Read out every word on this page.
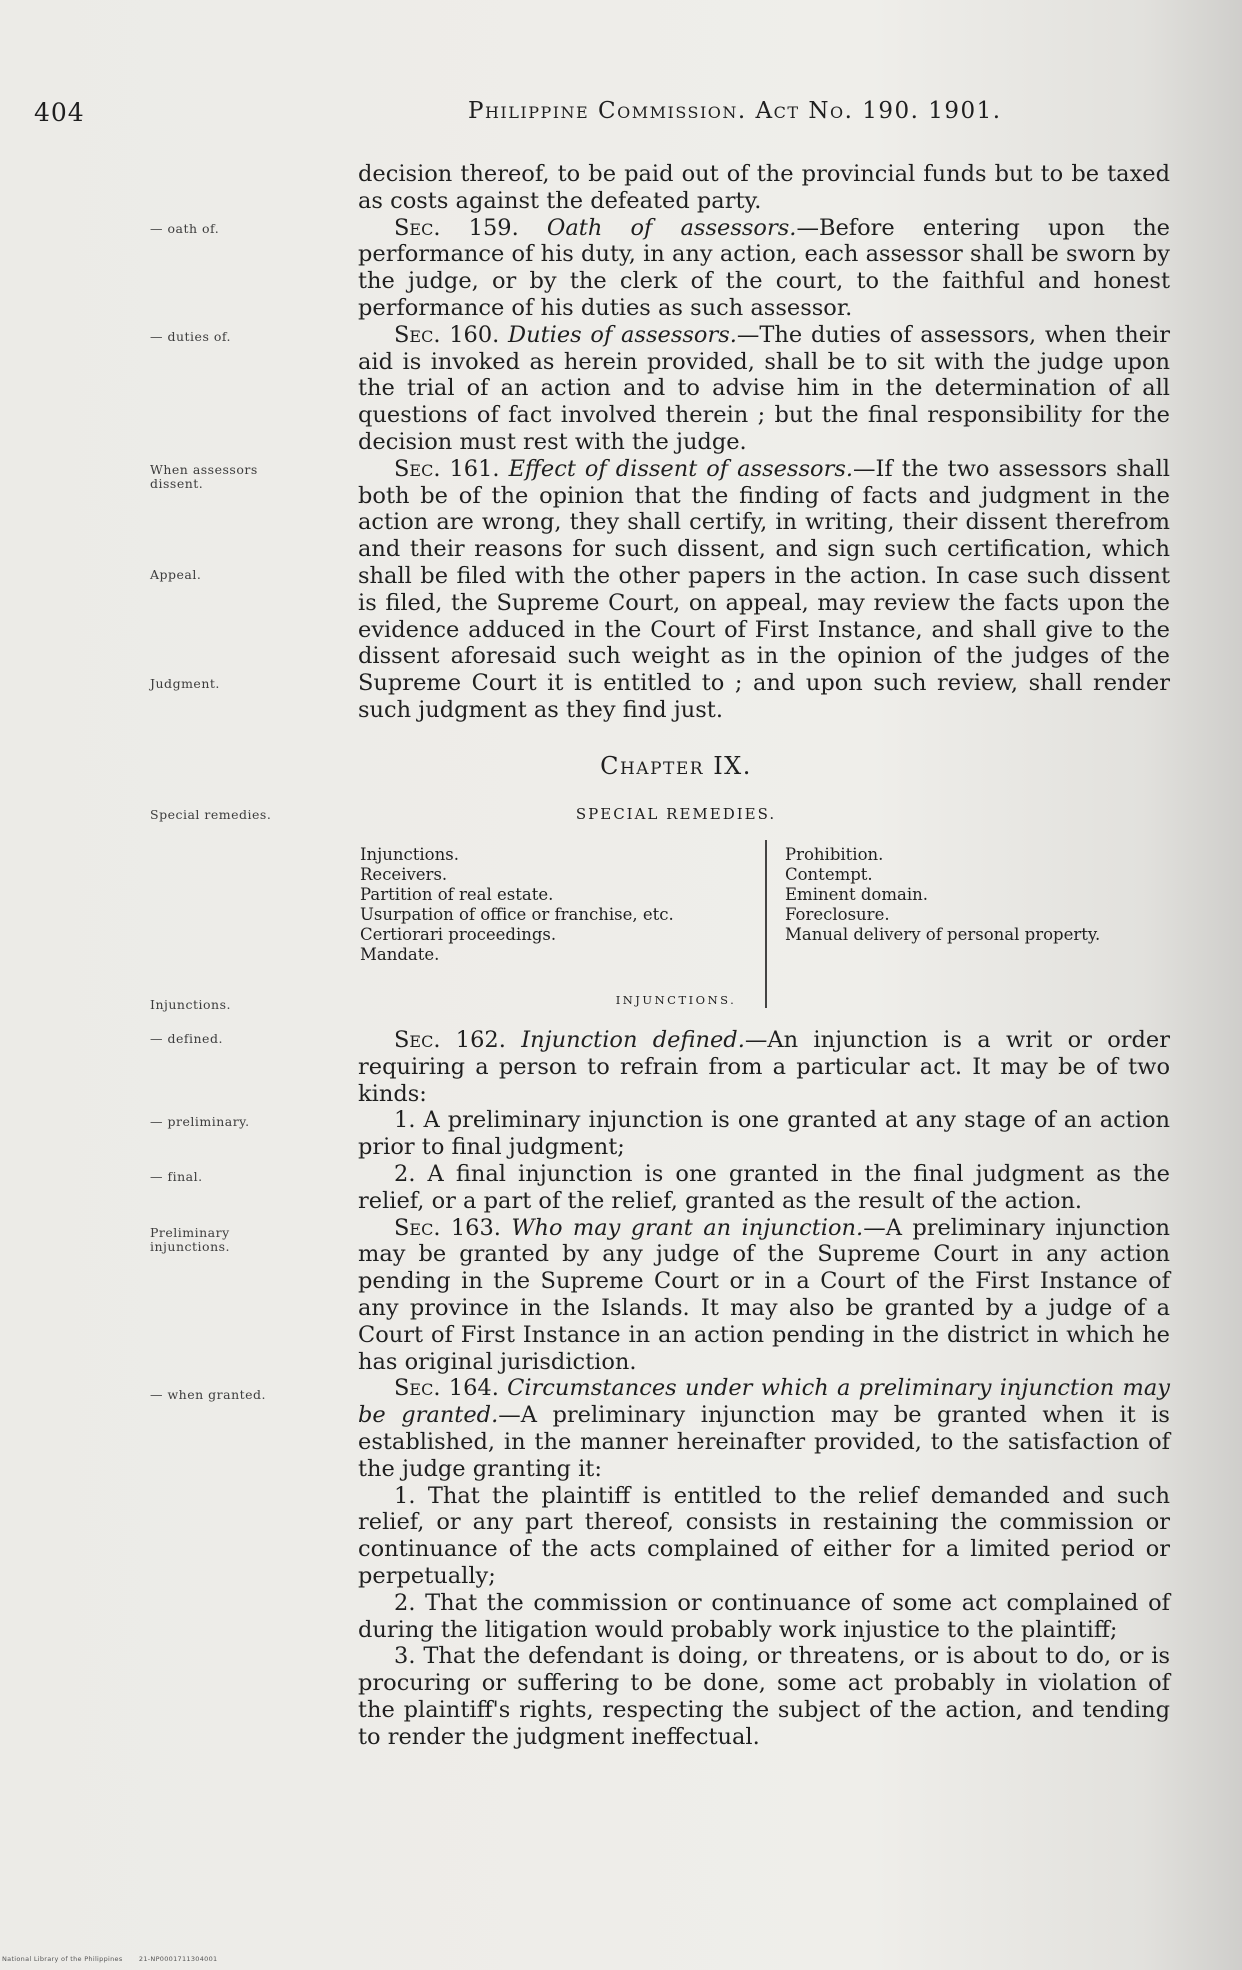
404	Philippine Commission. Act No. 190. 1901.
— oath of.
— duties of.
When assessors dissent.
Appeal.
Judgment.
Special remedies.
Injunctions.
— defined.
— preliminary.
— final.
Preliminary injunctions.
— when granted.

decision thereof, to be paid out of the provincial funds but to be taxed as costs against the defeated party.

Sec. 159. Oath of assessors.—Before entering upon the performance of his duty, in any action, each assessor shall be sworn by the judge, or by the clerk of the court, to the faithful and honest performance of his duties as such assessor.

Sec. 160. Duties of assessors.—The duties of assessors, when their aid is invoked as herein provided, shall be to sit with the judge upon the trial of an action and to advise him in the determination of all questions of fact involved therein ; but the final responsibility for the decision must rest with the judge.

Sec. 161. Effect of dissent of assessors.—If the two assessors shall both be of the opinion that the finding of facts and judgment in the action are wrong, they shall certify, in writing, their dissent therefrom and their reasons for such dissent, and sign such certification, which shall be filed with the other papers in the action. In case such dissent is filed, the Supreme Court, on appeal, may review the facts upon the evidence adduced in the Court of First Instance, and shall give to the dissent aforesaid such weight as in the opinion of the judges of the Supreme Court it is entitled to ; and upon such review, shall render such judgment as they find just.

Chapter IX.
SPECIAL REMEDIES.
Injunctions.
Receivers.
Partition of real estate.
Usurpation of office or franchise, etc.
Certiorari proceedings.
Mandate.
Prohibition.
Contempt.
Eminent domain.
Foreclosure.
Manual delivery of personal property.
INJUNCTIONS.

Sec. 162. Injunction defined.—An injunction is a writ or order requiring a person to refrain from a particular act. It may be of two kinds:

1. A preliminary injunction is one granted at any stage of an action prior to final judgment;

2. A final injunction is one granted in the final judgment as the relief, or a part of the relief, granted as the result of the action.

Sec. 163. Who may grant an injunction.—A preliminary injunction may be granted by any judge of the Supreme Court in any action pending in the Supreme Court or in a Court of the First Instance of any province in the Islands. It may also be granted by a judge of a Court of First Instance in an action pending in the district in which he has original jurisdiction.

Sec. 164. Circumstances under which a preliminary injunction may be granted.—A preliminary injunction may be granted when it is established, in the manner hereinafter provided, to the satisfaction of the judge granting it:

1. That the plaintiff is entitled to the relief demanded and such relief, or any part thereof, consists in restaining the commission or continuance of the acts complained of either for a limited period or perpetually;

2. That the commission or continuance of some act complained of during the litigation would probably work injustice to the plaintiff;

3. That the defendant is doing, or threatens, or is about to do, or is procuring or suffering to be done, some act probably in violation of the plaintiff's rights, respecting the subject of the action, and tending to render the judgment ineffectual.

National Library of the Philippines	21-NP0001711304001
